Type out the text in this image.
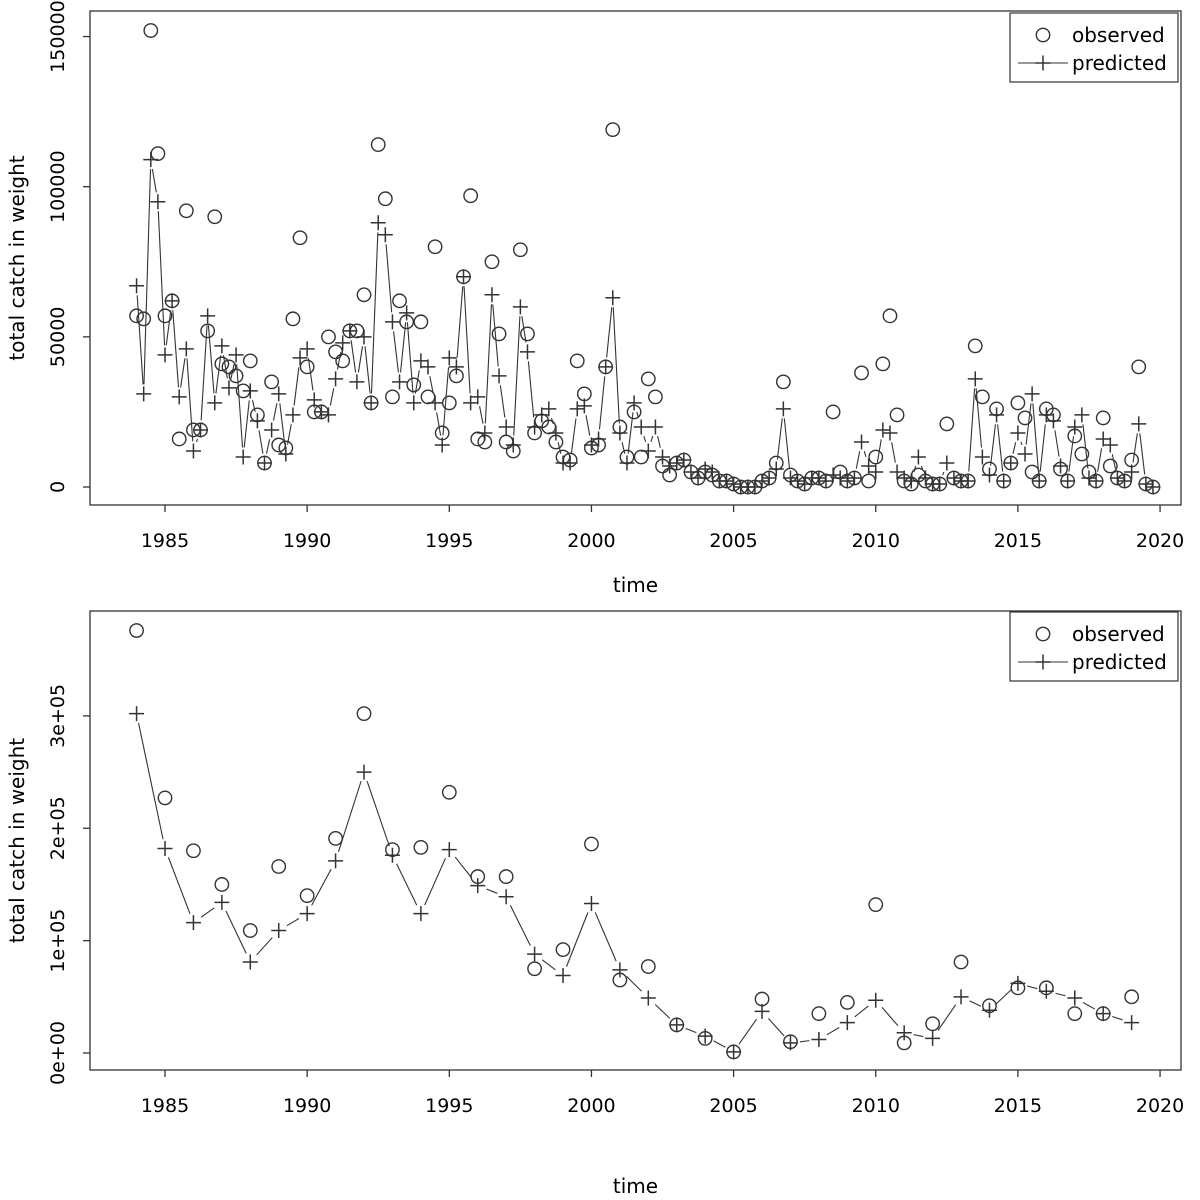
1985	1990	1995	2000	2005	2010	2015	2020
0
50000
100000
150000
time
total catch in weight
observed
predicted
1985	1990	1995	2000	2005	2010	2015	2020
0e+00
1e+05
2e+05
3e+05
time
total catch in weight
observed
predicted
